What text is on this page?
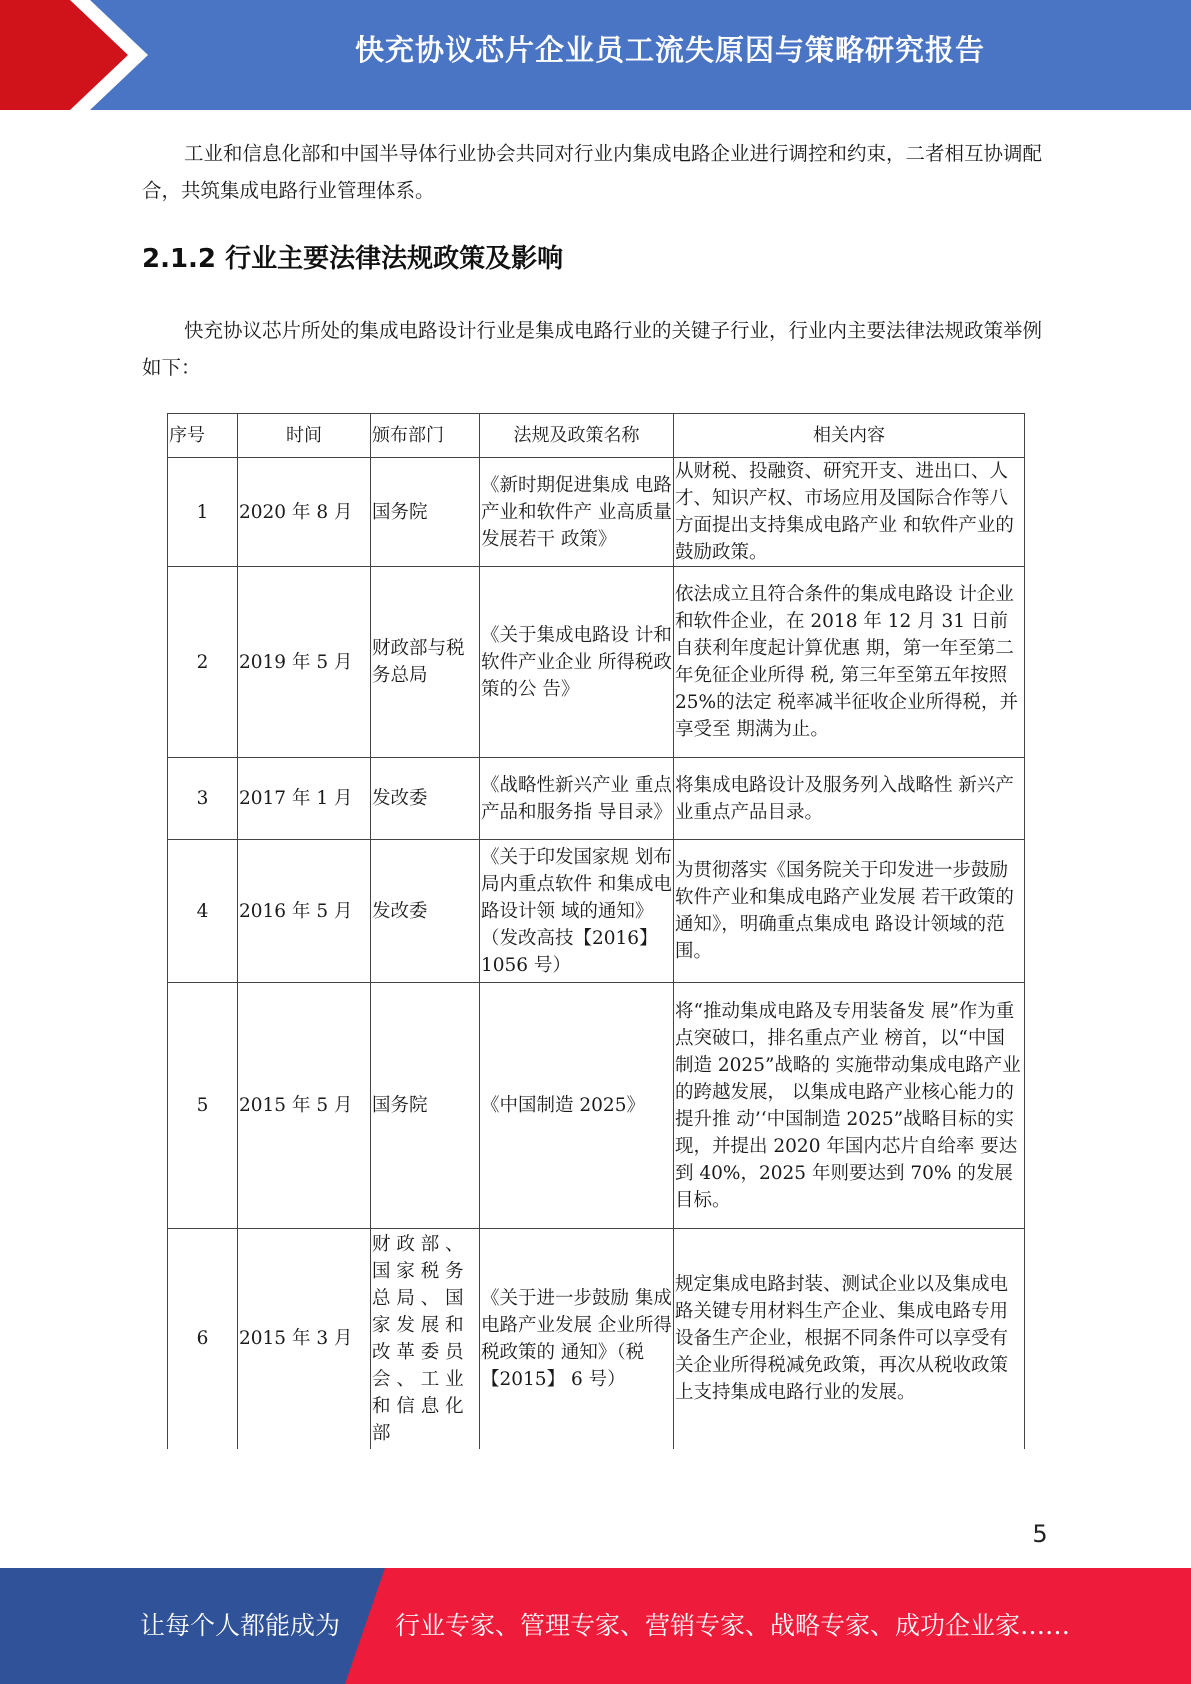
快充协议芯片企业员工流失原因与策略研究报告

工业和信息化部和中国半导体行业协会共同对行业内集成电路企业进行调控和约束，二者相互协调配合，共筑集成电路行业管理体系。

2.1.2 行业主要法律法规政策及影响

快充协议芯片所处的集成电路设计行业是集成电路行业的关键子行业，行业内主要法律法规政策举例如下：

序号	时间	颁布部门	法规及政策名称	相关内容
1	2020 年 8 月	国务院	《新时期促进集成 电路产业和软件产 业高质量发展若干 政策》	从财税、投融资、研究开支、进出口、人才、知识产权、市场应用及国际合作等八方面提出支持集成电路产业 和软件产业的鼓励政策。
2	2019 年 5 月	财政部与税务总局	《关于集成电路设 计和软件产业企业 所得税政策的公 告》	依法成立且符合条件的集成电路设 计企业和软件企业，在 2018 年 12 月 31 日前自获利年度起计算优惠 期，第一年至第二年免征企业所得 税, 第三年至第五年按照 25%的法定 税率减半征收企业所得税，并享受至 期满为止。
3	2017 年 1 月	发改委	《战略性新兴产业 重点产品和服务指 导目录》	将集成电路设计及服务列入战略性 新兴产业重点产品目录。
4	2016 年 5 月	发改委	《关于印发国家规 划布局内重点软件 和集成电路设计领 域的通知》（发改高技【2016】1056 号）	为贯彻落实《国务院关于印发进一步鼓励软件产业和集成电路产业发展 若干政策的通知》，明确重点集成电 路设计领域的范围。
5	2015 年 5 月	国务院	《中国制造 2025》	将“推动集成电路及专用装备发 展”作为重点突破口，排名重点产业 榜首，以“中国制造 2025”战略的 实施带动集成电路产业的跨越发展， 以集成电路产业核心能力的提升推 动’‘中国制造 2025”战略目标的实 现，并提出 2020 年国内芯片自给率 要达到 40%，2025 年则要达到 70% 的发展目标。
6	2015 年 3 月	财 政 部 、 国 家 税 务 总 局 、 国 家 发 展 和 改 革 委 员 会 、 工 业 和 信 息 化 部	《关于进一步鼓励 集成电路产业发展 企业所得税政策的 通知》（税【2015】 6 号）	规定集成电路封装、测试企业以及集成电路关键专用材料生产企业、集成电路专用设备生产企业，根据不同条件可以享受有关企业所得税减免政策，再次从税收政策上支持集成电路行业的发展。
5
让每个人都能成为	行业专家、管理专家、营销专家、战略专家、成功企业家……
